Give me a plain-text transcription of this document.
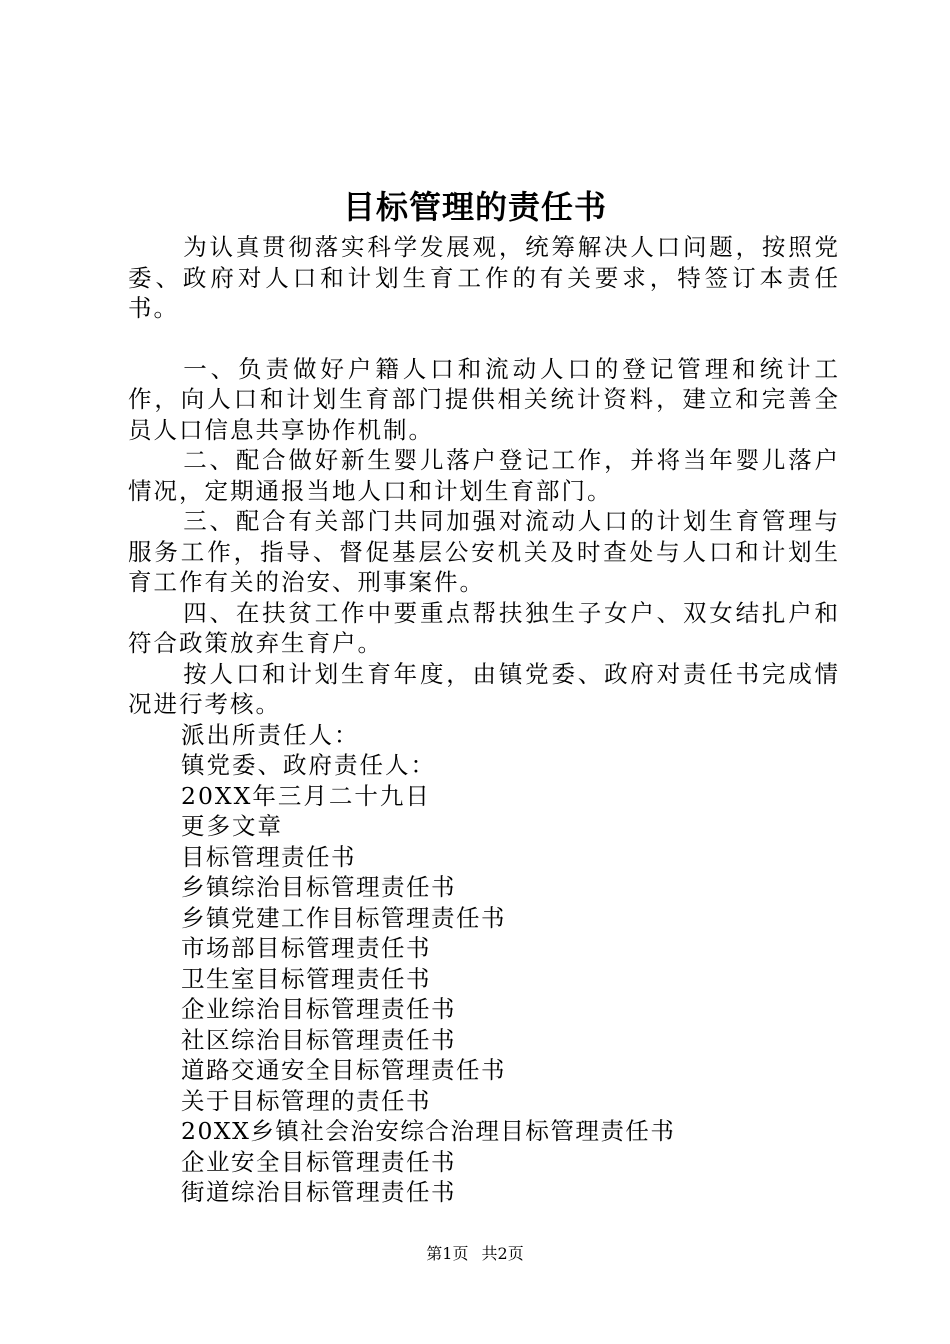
目标管理的责任书

为认真贯彻落实科学发展观，统筹解决人口问题，按照党委、政府对人口和计划生育工作的有关要求，特签订本责任书。

一、负责做好户籍人口和流动人口的登记管理和统计工作，向人口和计划生育部门提供相关统计资料，建立和完善全员人口信息共享协作机制。

二、配合做好新生婴儿落户登记工作，并将当年婴儿落户情况，定期通报当地人口和计划生育部门。

三、配合有关部门共同加强对流动人口的计划生育管理与服务工作，指导、督促基层公安机关及时查处与人口和计划生育工作有关的治安、刑事案件。

四、在扶贫工作中要重点帮扶独生子女户、双女结扎户和符合政策放弃生育户。

按人口和计划生育年度，由镇党委、政府对责任书完成情况进行考核。

派出所责任人：

镇党委、政府责任人：

20XX年三月二十九日

更多文章

目标管理责任书

乡镇综治目标管理责任书

乡镇党建工作目标管理责任书

市场部目标管理责任书

卫生室目标管理责任书

企业综治目标管理责任书

社区综治目标管理责任书

道路交通安全目标管理责任书

关于目标管理的责任书

20XX乡镇社会治安综合治理目标管理责任书

企业安全目标管理责任书

街道综治目标管理责任书

第1页 共2页
